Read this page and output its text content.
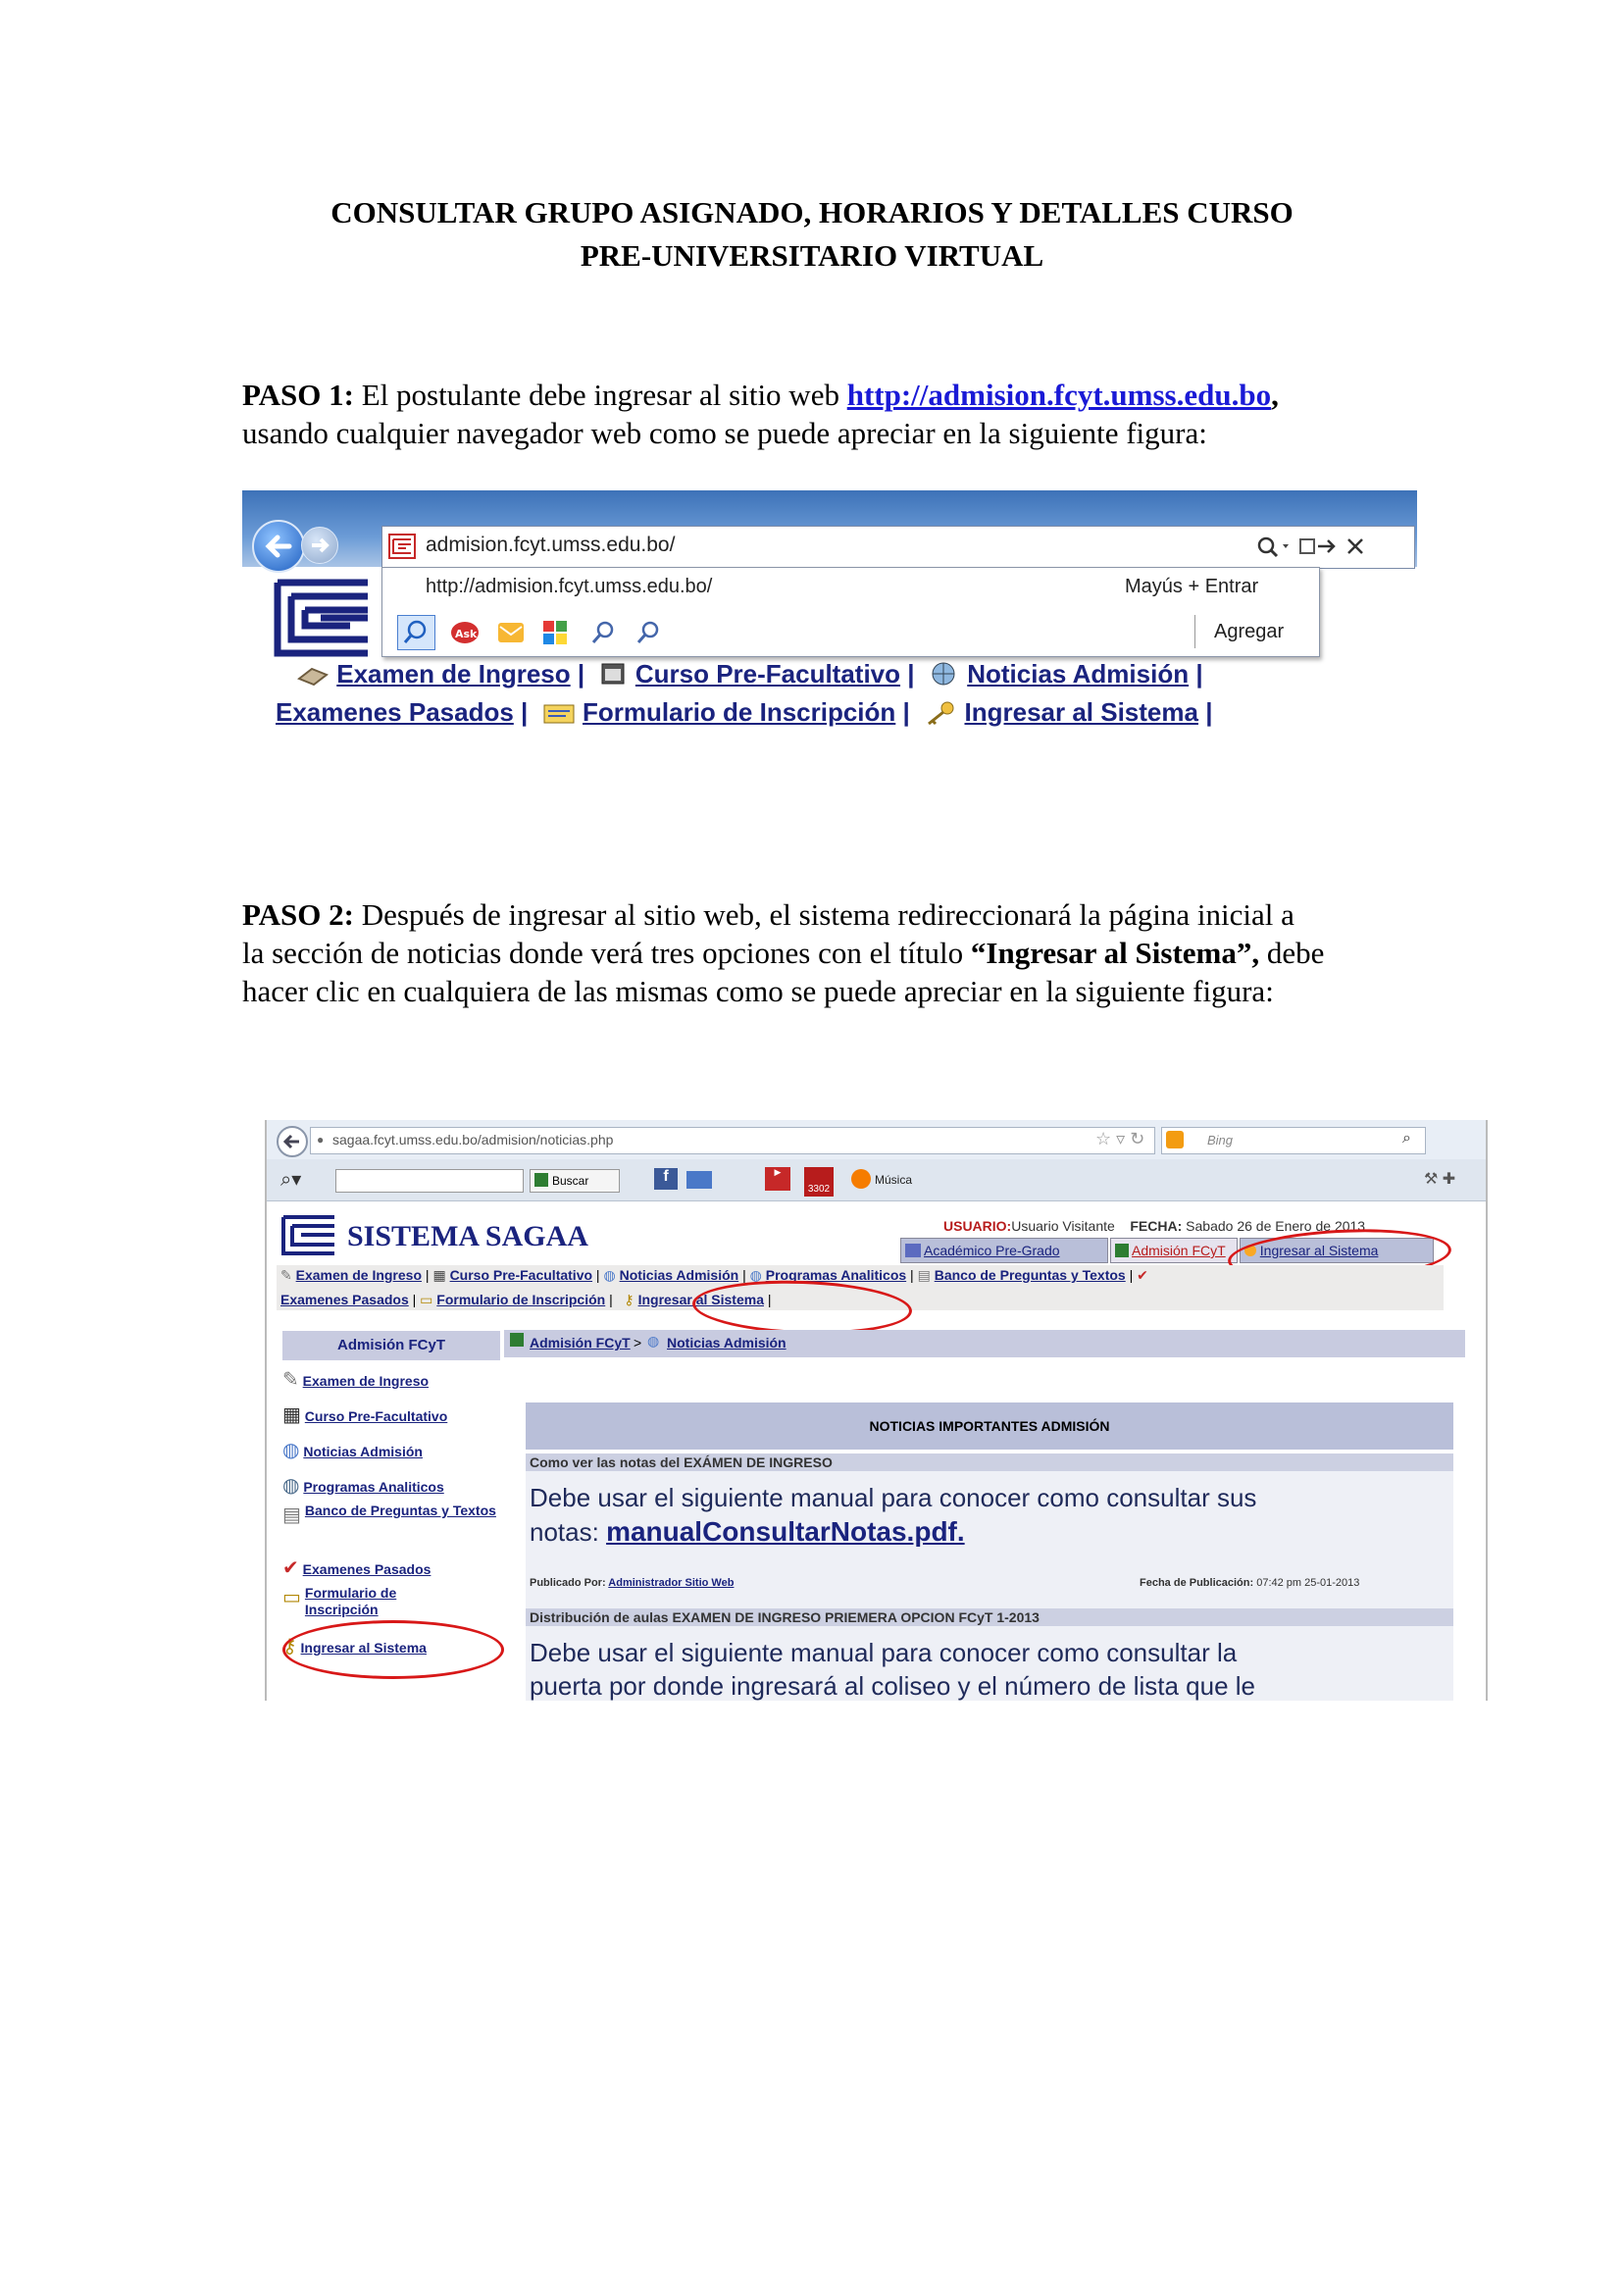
CONSULTAR GRUPO ASIGNADO, HORARIOS Y DETALLES CURSO
PRE-UNIVERSITARIO VIRTUAL
PASO 1: El postulante debe ingresar al sitio web http://admision.fcyt.umss.edu.bo,
usando cualquier navegador web como se puede apreciar en la siguiente figura:
admision.fcyt.umss.edu.bo/
http://admision.fcyt.umss.edu.bo/	Mayús + Entrar
Ask	Agregar
Examen de Ingreso | Curso Pre-Facultativo | Noticias Admisión |
Examenes Pasados | Formulario de Inscripción | Ingresar al Sistema |
PASO 2: Después de ingresar al sitio web, el sistema redireccionará la página inicial a
la sección de noticias donde verá tres opciones con el título “Ingresar al Sistema”, debe
hacer clic en cualquiera de las mismas como se puede apreciar en la siguiente figura:
● sagaa.fcyt.umss.edu.bo/admision/noticias.php	☆ ▿ ↻	Bing	⌕
⌕▾	Buscar	f	▶
3302
Música	⚒ ✚
SISTEMA SAGAA	USUARIO:Usuario Visitante FECHA: Sabado 26 de Enero de 2013
Académico Pre-Grado	Admisión FCyT	Ingresar al Sistema
✎ Examen de Ingreso | ▦ Curso Pre-Facultativo | ◍ Noticias Admisión | ◍ Programas Analiticos | ▤ Banco de Preguntas y Textos | ✔
Examenes Pasados | ▭ Formulario de Inscripción |   ⚷ Ingresar al Sistema |
Admisión FCyT
✎ Examen de Ingreso
▦ Curso Pre-Facultativo
◍ Noticias Admisión
◍ Programas Analiticos
▤ Banco de Preguntas y Textos
✔ Examenes Pasados
▭ Formulario de Inscripción
⚷ Ingresar al Sistema
Admisión FCyT > ◍ Noticias Admisión
NOTICIAS IMPORTANTES ADMISIÓN
Como ver las notas del EXÁMEN DE INGRESO
Debe usar el siguiente manual para conocer como consultar sus
notas: manualConsultarNotas.pdf.
Publicado Por: Administrador Sitio Web	Fecha de Publicación: 07:42 pm 25-01-2013
Distribución de aulas EXAMEN DE INGRESO PRIEMERA OPCION FCyT 1-2013
Debe usar el siguiente manual para conocer como consultar la
puerta por donde ingresará al coliseo y el número de lista que le
